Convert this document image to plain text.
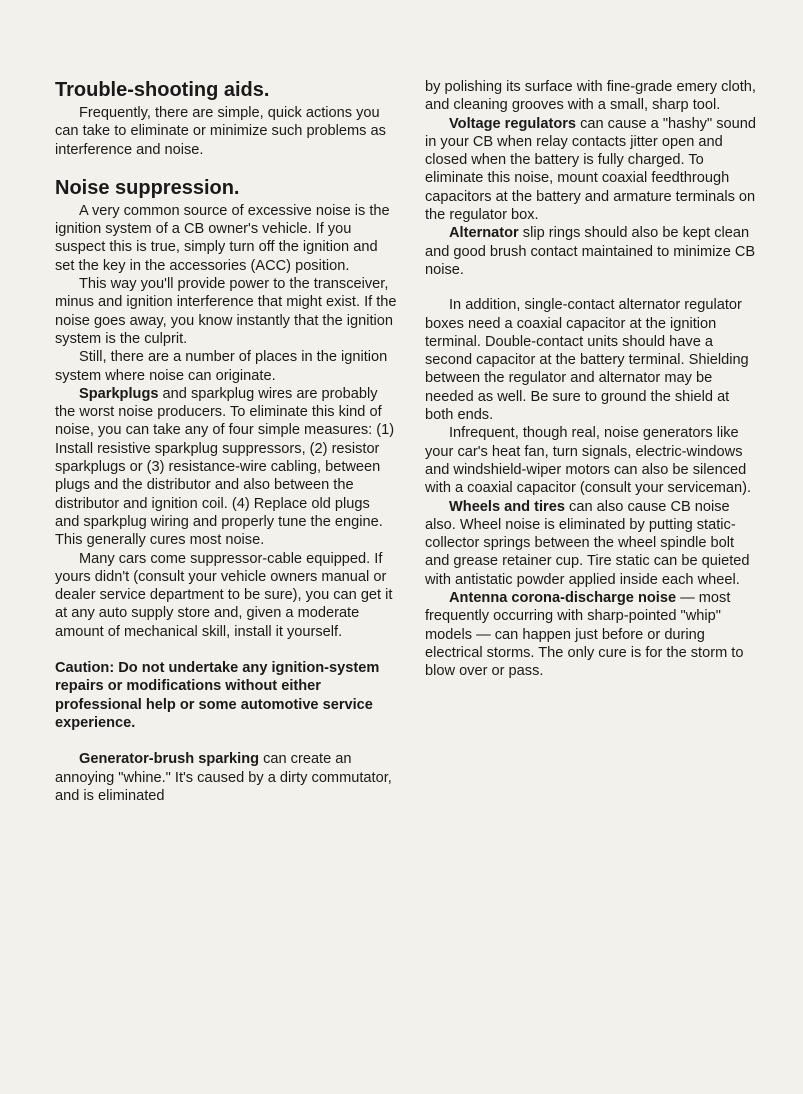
Trouble-shooting aids.

Frequently, there are simple, quick actions you can take to eliminate or minimize such problems as interference and noise.

Noise suppression.

A very common source of excessive noise is the ignition system of a CB owner's vehicle. If you suspect this is true, simply turn off the ignition and set the key in the accessories (ACC) position.

This way you'll provide power to the transceiver, minus and ignition interference that might exist. If the noise goes away, you know instantly that the ignition system is the culprit.

Still, there are a number of places in the ignition system where noise can originate.

Sparkplugs and sparkplug wires are probably the worst noise producers. To eliminate this kind of noise, you can take any of four simple measures: (1) Install resistive sparkplug suppressors, (2) resistor sparkplugs or (3) resistance-wire cabling, between plugs and the distributor and also between the distributor and ignition coil. (4) Replace old plugs and sparkplug wiring and properly tune the engine. This generally cures most noise.

Many cars come suppressor-cable equipped. If yours didn't (consult your vehicle owners manual or dealer service department to be sure), you can get it at any auto supply store and, given a moderate amount of mechanical skill, install it yourself.

Caution: Do not undertake any ignition-system repairs or modifications without either professional help or some automotive service experience.

Generator-brush sparking can create an annoying "whine." It's caused by a dirty commutator, and is eliminated

by polishing its surface with fine-grade emery cloth, and cleaning grooves with a small, sharp tool.

Voltage regulators can cause a "hashy" sound in your CB when relay contacts jitter open and closed when the battery is fully charged. To eliminate this noise, mount coaxial feedthrough capacitors at the battery and armature terminals on the regulator box.

Alternator slip rings should also be kept clean and good brush contact maintained to minimize CB noise.

In addition, single-contact alternator regulator boxes need a coaxial capacitor at the ignition terminal. Double-contact units should have a second capacitor at the battery terminal. Shielding between the regulator and alternator may be needed as well. Be sure to ground the shield at both ends.

Infrequent, though real, noise generators like your car's heat fan, turn signals, electric-windows and windshield-wiper motors can also be silenced with a coaxial capacitor (consult your serviceman).

Wheels and tires can also cause CB noise also. Wheel noise is eliminated by putting static-collector springs between the wheel spindle bolt and grease retainer cup. Tire static can be quieted with antistatic powder applied inside each wheel.

Antenna corona-discharge noise — most frequently occurring with sharp-pointed "whip" models — can happen just before or during electrical storms. The only cure is for the storm to blow over or pass.
